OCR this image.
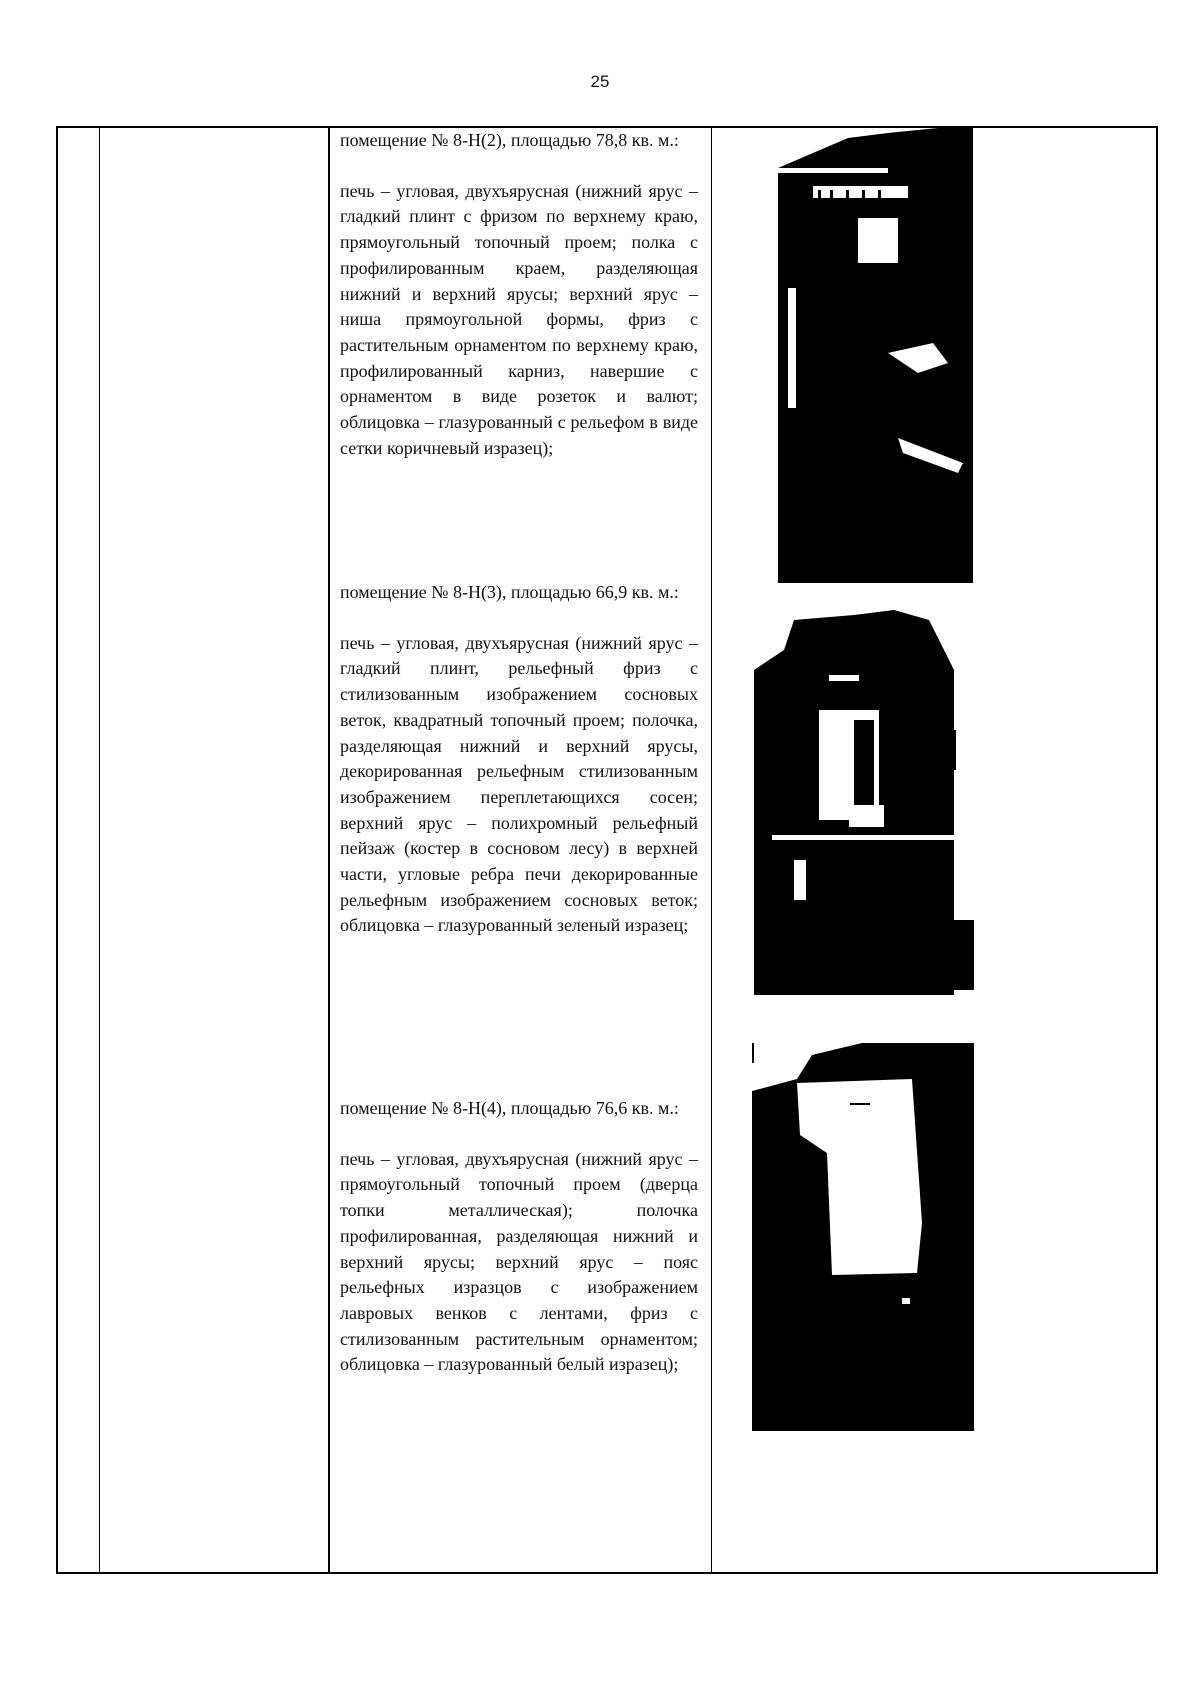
25

помещение № 8-Н(2), площадью 78,8 кв. м.:

печь – угловая, двухъярусная (нижний ярус – гладкий плинт с фризом по верхнему краю, прямоугольный топочный проем; полка с профилированным краем, разделяющая нижний и верхний ярусы; верхний ярус – ниша прямоугольной формы, фриз с растительным орнаментом по верхнему краю, профилированный карниз, навершие с орнаментом в виде розеток и валют; облицовка – глазурованный с рельефом в виде сетки коричневый изразец);

помещение № 8-Н(3), площадью 66,9 кв. м.:

печь – угловая, двухъярусная (нижний ярус – гладкий плинт, рельефный фриз с стилизованным изображением сосновых веток, квадратный топочный проем; полочка, разделяющая нижний и верхний ярусы, декорированная рельефным стилизованным изображением переплетающихся сосен; верхний ярус – полихромный рельефный пейзаж (костер в сосновом лесу) в верхней части, угловые ребра печи декорированные рельефным изображением сосновых веток; облицовка – глазурованный зеленый изразец;

помещение № 8-Н(4), площадью 76,6 кв. м.:

печь – угловая, двухъярусная (нижний ярус – прямоугольный топочный проем (дверца топки металлическая); полочка профилированная, разделяющая нижний и верхний ярусы; верхний ярус – пояс рельефных изразцов с изображением лавровых венков с лентами, фриз с стилизованным растительным орнаментом; облицовка – глазурованный белый изразец);
